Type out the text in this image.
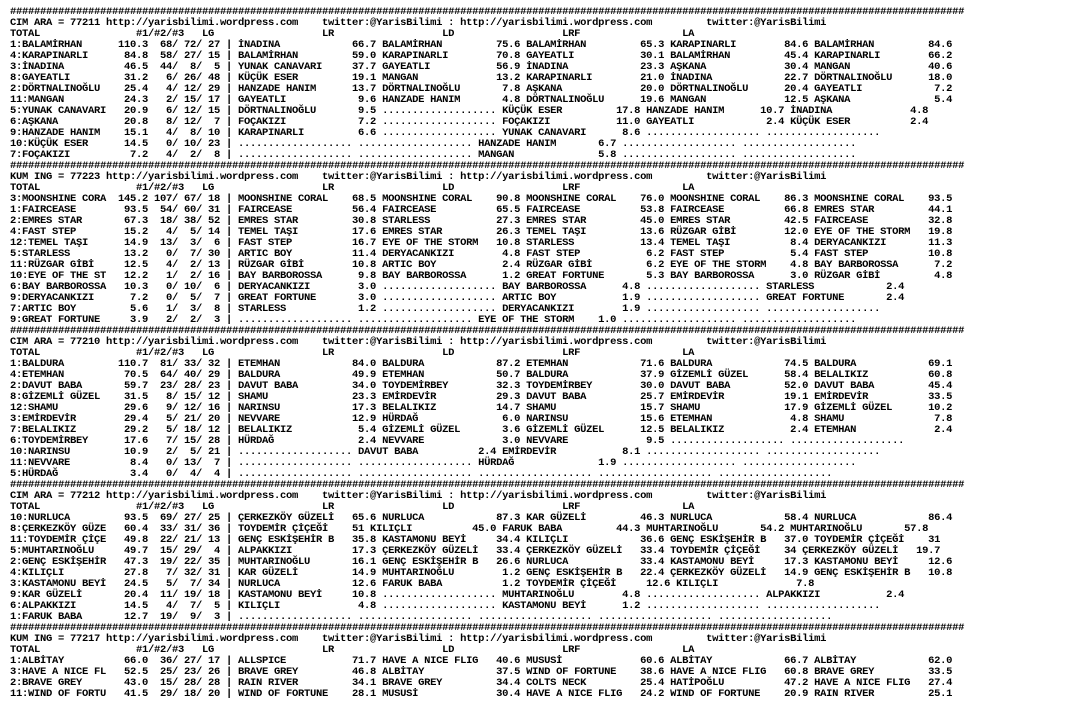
###############################################################################################################################################################
CIM ARA = 77211 http://yarisbilimi.wordpress.com    twitter:@YarisBilimi : http://yarisbilimi.wordpress.com         twitter:@YarisBilimi
TOTAL                #1/#2/#3   LG                  LR                  LD                  LRF                 LA
1:BALAMİRHAN      110.3  68/ 72/ 27 | İNADINA            66.7 BALAMİRHAN         75.6 BALAMİRHAN         65.3 KARAPINARLI        84.6 BALAMİRHAN         84.6
4:KARAPINARLI      84.8  58/ 27/ 15 | BALAMİRHAN         59.0 KARAPINARLI        70.8 GAYEATLI           30.1 BALAMİRHAN         45.4 KARAPINARLI        66.2
3:İNADINA          46.5  44/  8/  5 | YUNAK CANAVARI     37.7 GAYEATLI           56.9 İNADINA            23.3 AŞKANA             30.4 MANGAN             40.6
8:GAYEATLI         31.2   6/ 26/ 48 | KÜÇÜK ESER         19.1 MANGAN             13.2 KARAPINARLI        21.0 İNADINA            22.7 DÖRTNALINOĞLU      18.0
2:DÖRTNALINOĞLU    25.4   4/ 12/ 29 | HANZADE HANIM      13.7 DÖRTNALINOĞLU       7.8 AŞKANA             20.0 DÖRTNALINOĞLU      20.4 GAYEATLI            7.2
11:MANGAN          24.3   2/ 15/ 17 | GAYEATLI            9.6 HANZADE HANIM       4.8 DÖRTNALINOĞLU      19.6 MANGAN             12.5 AŞKANA              5.4
5:YUNAK CANAVARI   20.9   6/ 12/ 15 | DÖRTNALINOĞLU       9.5 ................... KÜÇÜK ESER         17.8 HANZADE HANIM      10.7 İNADINA             4.8
6:AŞKANA           20.8   8/ 12/  7 | FOÇAKIZI            7.2 ................... FOÇAKIZI           11.0 GAYEATLI            2.4 KÜÇÜK ESER          2.4
9:HANZADE HANIM    15.1   4/  8/ 10 | KARAPINARLI         6.6 ................... YUNAK CANAVARI      8.6 ................... ...................
10:KÜÇÜK ESER      14.5   0/ 10/ 23 | ................... ................... HANZADE HANIM       6.7 ................... ...................
7:FOÇAKIZI          7.2   4/  2/  8 | ................... ................... MANGAN              5.8 ................... ...................
###############################################################################################################################################################
KUM ING = 77223 http://yarisbilimi.wordpress.com    twitter:@YarisBilimi : http://yarisbilimi.wordpress.com         twitter:@YarisBilimi
TOTAL                #1/#2/#3   LG                  LR                  LD                  LRF                 LA
3:MOONSHINE CORA  145.2 107/ 67/ 18 | MOONSHINE CORAL    68.5 MOONSHINE CORAL    90.8 MOONSHINE CORAL    76.0 MOONSHINE CORAL    86.3 MOONSHINE CORAL    93.5
1:FAIRCEASE        93.5  54/ 60/ 31 | FAIRCEASE          56.4 FAIRCEASE          65.5 FAIRCEASE          53.8 FAIRCEASE          66.8 EMRES STAR         44.1
2:EMRES STAR       67.3  18/ 38/ 52 | EMRES STAR         30.8 STARLESS           27.3 EMRES STAR         45.0 EMRES STAR         42.5 FAIRCEASE          32.8
4:FAST STEP        15.2   4/  5/ 14 | TEMEL TAŞI         17.6 EMRES STAR         26.3 TEMEL TAŞI         13.6 RÜZGAR GİBİ        12.0 EYE OF THE STORM   19.8
12:TEMEL TAŞI      14.9  13/  3/  6 | FAST STEP          16.7 EYE OF THE STORM   10.8 STARLESS           13.4 TEMEL TAŞI          8.4 DERYACANKIZI       11.3
5:STARLESS         13.2   0/  7/ 30 | ARTIC BOY          11.4 DERYACANKIZI        4.8 FAST STEP           6.2 FAST STEP           5.4 FAST STEP          10.8
11:RÜZGAR GİBİ     12.5   4/  2/ 13 | RÜZGAR GİBİ        10.8 ARTIC BOY           2.4 RÜZGAR GİBİ         6.2 EYE OF THE STORM    4.8 BAY BARBOROSSA      7.2
10:EYE OF THE ST   12.2   1/  2/ 16 | BAY BARBOROSSA      9.8 BAY BARBOROSSA      1.2 GREAT FORTUNE       5.3 BAY BARBOROSSA      3.0 RÜZGAR GİBİ         4.8
6:BAY BARBOROSSA   10.3   0/ 10/  6 | DERYACANKIZI        3.0 ................... BAY BARBOROSSA      4.8 ................... STARLESS            2.4
9:DERYACANKIZI      7.2   0/  5/  7 | GREAT FORTUNE       3.0 ................... ARTIC BOY           1.9 ................... GREAT FORTUNE       2.4
7:ARTIC BOY         5.6   1/  3/  8 | STARLESS            1.2 ................... DERYACANKIZI        1.9 ................... ...................
9:GREAT FORTUNE     3.9   2/  2/  3 | ................... ................... EYE OF THE STORM    1.0 ................... ...................
###############################################################################################################################################################
CIM ARA = 77210 http://yarisbilimi.wordpress.com    twitter:@YarisBilimi : http://yarisbilimi.wordpress.com         twitter:@YarisBilimi
TOTAL                #1/#2/#3   LG                  LR                  LD                  LRF                 LA
1:BALDURA         110.7  81/ 33/ 32 | ETEMHAN            84.0 BALDURA            87.2 ETEMHAN            71.6 BALDURA            74.5 BALDURA            69.1
4:ETEMHAN          70.5  64/ 40/ 29 | BALDURA            49.9 ETEMHAN            50.7 BALDURA            37.9 GİZEMLİ GÜZEL      58.4 BELALIKIZ          60.8
2:DAVUT BABA       59.7  23/ 28/ 23 | DAVUT BABA         34.0 TOYDEMİRBEY        32.3 TOYDEMİRBEY        30.0 DAVUT BABA         52.0 DAVUT BABA         45.4
8:GİZEMLİ GÜZEL    31.5   8/ 15/ 12 | SHAMU              23.3 EMİRDEVİR          29.3 DAVUT BABA         25.7 EMİRDEVİR          19.1 EMİRDEVİR          33.5
12:SHAMU           29.6   9/ 12/ 16 | NARINSU            17.3 BELALIKIZ          14.7 SHAMU              15.7 SHAMU              17.9 GİZEMLİ GÜZEL      10.2
3:EMİRDEVİR        29.4   5/ 21/ 20 | NEVVARE            12.9 HÜRDAĞ              6.0 NARINSU            15.6 ETEMHAN             4.8 SHAMU               7.8
7:BELALIKIZ        29.2   5/ 18/ 12 | BELALIKIZ           5.4 GİZEMLİ GÜZEL       3.6 GİZEMLİ GÜZEL      12.5 BELALIKIZ           2.4 ETEMHAN             2.4
6:TOYDEMİRBEY      17.6   7/ 15/ 28 | HÜRDAĞ              2.4 NEVVARE             3.0 NEVVARE             9.5 ................... ...................
10:NARINSU         10.9   2/  5/ 21 | ................... DAVUT BABA          2.4 EMİRDEVİR           8.1 ................... ...................
11:NEVVARE          8.4   0/ 13/  7 | ................... ................... HÜRDAĞ              1.9 ................... ...................
5:HÜRDAĞ            3.4   0/  4/  4 | ................... ................... ................... ................... ...................
###############################################################################################################################################################
CIM ARA = 77212 http://yarisbilimi.wordpress.com    twitter:@YarisBilimi : http://yarisbilimi.wordpress.com         twitter:@YarisBilimi
TOTAL                #1/#2/#3   LG                  LR                  LD                  LRF                 LA
10:NURLUCA         93.5  69/ 27/ 25 | ÇERKEZKÖY GÜZELİ   65.6 NURLUCA            87.3 KAR GÜZELİ         46.3 NURLUCA            58.4 NURLUCA            86.4
8:ÇERKEZKÖY GÜZE   60.4  33/ 31/ 36 | TOYDEMİR ÇİÇEĞİ    51 KILIÇLI          45.0 FARUK BABA         44.3 MUHTARINOĞLU       54.2 MUHTARINOĞLU       57.8
11:TOYDEMİR ÇİÇE   49.8  22/ 21/ 13 | GENÇ ESKİŞEHİR B   35.8 KASTAMONU BEYİ     34.4 KILIÇLI            36.6 GENÇ ESKİŞEHİR B   37.0 TOYDEMİR ÇİÇEĞİ    31
5:MUHTARINOĞLU     49.7  15/ 29/  4 | ALPAKKIZI          17.3 ÇERKEZKÖY GÜZELİ   33.4 ÇERKEZKÖY GÜZELİ   33.4 TOYDEMİR ÇİÇEĞİ    34 ÇERKEZKÖY GÜZELİ   19.7
2:GENÇ ESKİŞEHİR   47.3  19/ 22/ 35 | MUHTARINOĞLU       16.1 GENÇ ESKİŞEHİR B   26.6 NURLUCA            33.4 KASTAMONU BEYİ     17.3 KASTAMONU BEYİ     12.6
4:KILIÇLI          27.8   7/ 32/ 31 | KAR GÜZELİ         14.9 MUHTARINOĞLU        1.2 GENÇ ESKİŞEHİR B   22.4 ÇERKEZKÖY GÜZELİ   14.9 GENÇ ESKİŞEHİR B   10.8
3:KASTAMONU BEYİ   24.5   5/  7/ 34 | NURLUCA            12.6 FARUK BABA          1.2 TOYDEMİR ÇİÇEĞİ     12.6 KILIÇLI             7.8
9:KAR GÜZELİ       20.4  11/ 19/ 18 | KASTAMONU BEYİ     10.8 ................... MUHTARINOĞLU        4.8 ................... ALPAKKIZI           2.4
6:ALPAKKIZI        14.5   4/  7/  5 | KILIÇLI             4.8 ................... KASTAMONU BEYİ      1.2 ................... ...................
1:FARUK BABA       12.7  19/  9/  3 | ................... ................... ................... ................... ...................
###############################################################################################################################################################
KUM ING = 77217 http://yarisbilimi.wordpress.com    twitter:@YarisBilimi : http://yarisbilimi.wordpress.com         twitter:@YarisBilimi
TOTAL                #1/#2/#3   LG                  LR                  LD                  LRF                 LA
1:ALBİTAY          66.0  36/ 27/ 17 | ALLSPICE           71.7 HAVE A NICE FLIG   40.6 MUSUSİ             60.6 ALBİTAY            66.7 ALBİTAY            62.0
3:HAVE A NICE FL   52.5  25/ 23/ 26 | BRAVE GREY         46.8 ALBİTAY            37.5 WIND OF FORTUNE    38.6 HAVE A NICE FLIG   60.8 BRAVE GREY         33.5
2:BRAVE GREY       43.0  15/ 28/ 28 | RAIN RIVER         34.1 BRAVE GREY         34.4 COLTS NECK         25.4 HATİPOĞLU          47.2 HAVE A NICE FLIG   27.4
11:WIND OF FORTU   41.5  29/ 18/ 20 | WIND OF FORTUNE    28.1 MUSUSİ             30.4 HAVE A NICE FLIG   24.2 WIND OF FORTUNE    20.9 RAIN RIVER         25.1
